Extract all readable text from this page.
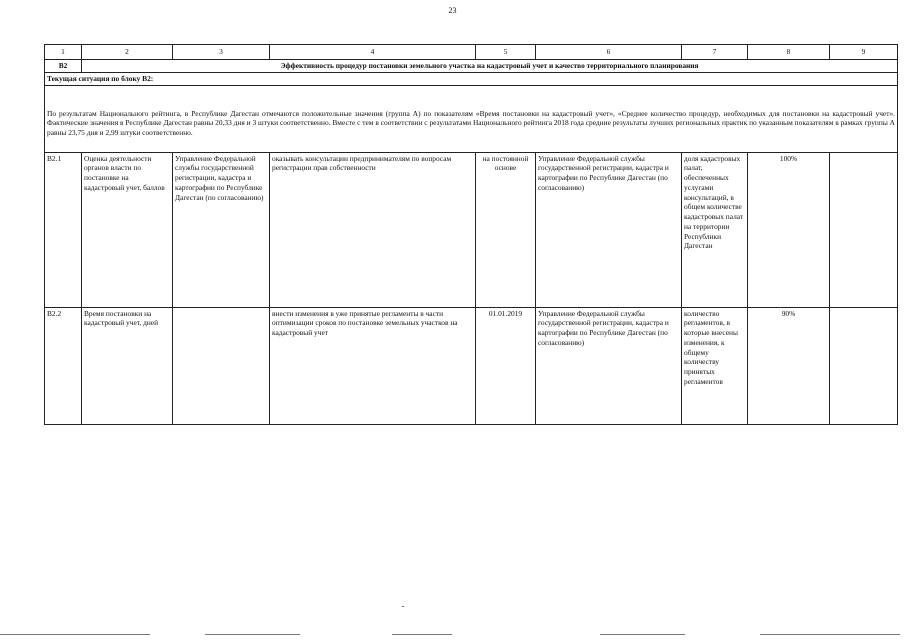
23
1	2	3	4	5	6	7	8	9
В2	Эффективность процедур постановки земельного участка на кадастровый учет и качество территориального планирования							
Текущая ситуация по блоку В2:								

По результатам Национального рейтинга, в Республике Дагестан отмечаются положительные значения (группа А) по показателям «Время постановки на кадастровый учет», «Среднее количество процедур, необходимых для постановки на кадастровый учет». Фактические значения в Республике Дагестан равны 20,33 дня и 3 штуки соответственно. Вместе с тем в соответствии с результатами Национального рейтинга 2018 года средние результаты лучших региональных практик по указанным показателям в рамках группы А равны 23,75 дня и 2,99 штуки соответственно.								

В2.1	Оценка деятельности органов власти по постановке на кадастровый учет, баллов	Управление Федеральной службы государственной регистрации, кадастра и картографии по Республике Дагестан (по согласованию)	оказывать консультации предпринимателям по вопросам регистрации прав собственности	на постоянной основе	Управление Федеральной службы государственной регистрации, кадастра и картографии по Республике Дагестан (по согласованию)	доля кадастровых палат, обеспеченных услугами консультаций, в общем количестве кадастровых палат на территории Республики Дагестан	100%	
В2.2	Время постановки на кадастровый учет, дней		внести изменения в уже принятые регламенты в части оптимизации сроков по постановке земельных участков на кадастровый учет	01.01.2019	Управление Федеральной службы государственной регистрации, кадастра и картографии по Республике Дагестан (по согласованию)	количество регламентов, в которые внесены изменения, к общему количеству принятых регламентов	90%	
